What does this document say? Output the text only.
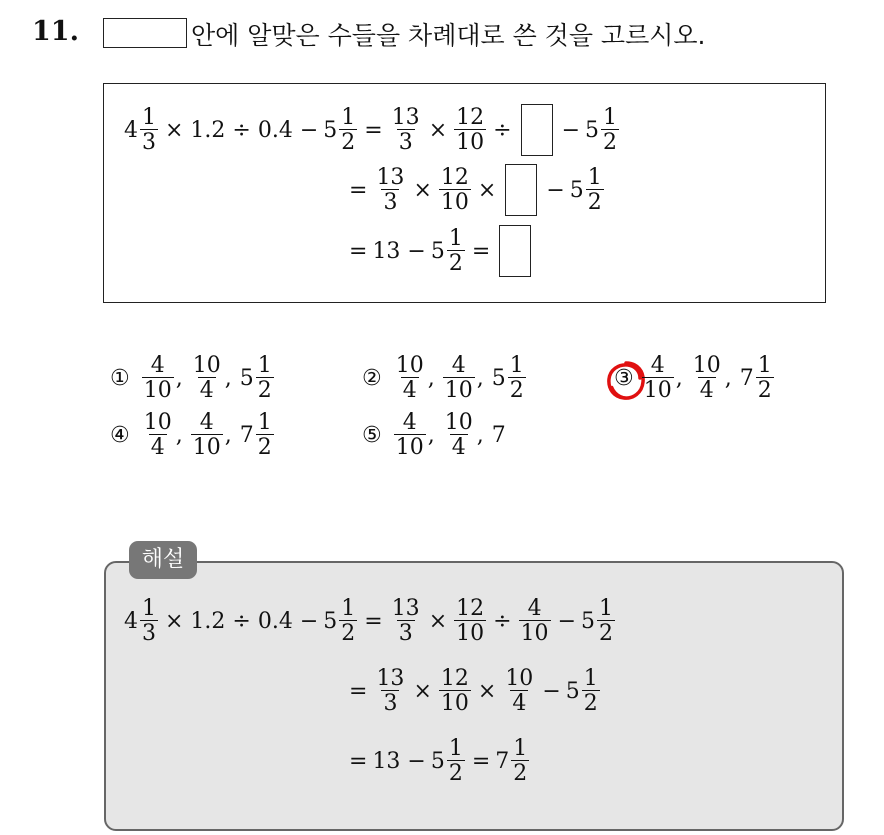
11.	안에 알맞은 수들을 차례대로 쓴 것을 고르시오.
$4 \frac{1}{3} \times 1.2 \div 0.4 - 5 \frac{1}{2} = \frac{13}{3} \times \frac{12}{10}$ ÷ − $5 \frac{1}{2}$
= $\frac{13}{3} \times \frac{12}{10}$ × − $5 \frac{1}{2}$
= $13 - 5 \frac{1}{2}$ =
① $\frac{4}{10}$ , $\frac{10}{4}$ , $5 \frac{1}{2}$	② $\frac{10}{4}$ , $\frac{4}{10}$ , $5 \frac{1}{2}$	③ $\frac{4}{10}$ , $\frac{10}{4}$ , $7 \frac{1}{2}$
④ $\frac{10}{4}$ , $\frac{4}{10}$ , $7 \frac{1}{2}$	⑤ $\frac{4}{10}$ , $\frac{10}{4}$ , 7
해설
$4 \frac{1}{3} \times 1.2 \div 0.4 - 5 \frac{1}{2} = \frac{13}{3} \times \frac{12}{10} \div \frac{4}{10} - 5 \frac{1}{2}$
= $\frac{13}{3} \times \frac{12}{10} \times \frac{10}{4} - 5 \frac{1}{2}$
= $13 - 5 \frac{1}{2} = 7 \frac{1}{2}$
